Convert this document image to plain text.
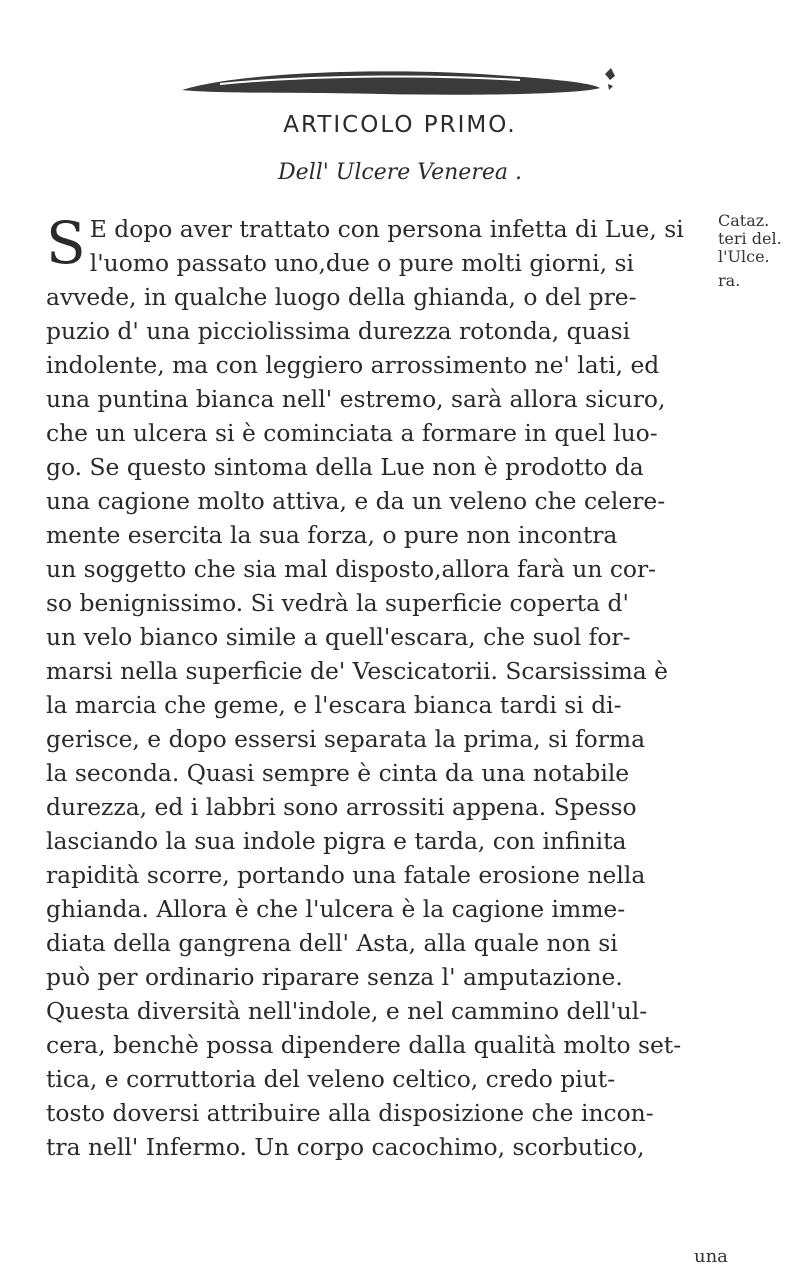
ARTICOLO PRIMO.
Dell' Ulcere Venerea .
Cataz.
teri del.
l'Ulce.
ra.
S E dopo aver trattato con persona infetta di Lue, si
l'uomo passato uno,due o pure molti giorni, si
avvede, in qualche luogo della ghianda, o del pre-
puzio d' una picciolissima durezza rotonda, quasi
indolente, ma con leggiero arrossimento ne' lati, ed
una puntina bianca nell' estremo, sarà allora sicuro,
che un ulcera si è cominciata a formare in quel luo-
go. Se questo sintoma della Lue non è prodotto da
una cagione molto attiva, e da un veleno che celere-
mente esercita la sua forza, o pure non incontra
un soggetto che sia mal disposto,allora farà un cor-
so benignissimo. Si vedrà la superficie coperta d'
un velo bianco simile a quell'escara, che suol for-
marsi nella superficie de' Vescicatorii. Scarsissima è
la marcia che geme, e l'escara bianca tardi si di-
gerisce, e dopo essersi separata la prima, si forma
la seconda. Quasi sempre è cinta da una notabile
durezza, ed i labbri sono arrossiti appena. Spesso
lasciando la sua indole pigra e tarda, con infinita
rapidità scorre, portando una fatale erosione nella
ghianda. Allora è che l'ulcera è la cagione imme-
diata della gangrena dell' Asta, alla quale non si
può per ordinario riparare senza l' amputazione.
Questa diversità nell'indole, e nel cammino dell'ul-
cera, benchè possa dipendere dalla qualità molto set-
tica, e corruttoria del veleno celtico, credo piut-
tosto doversi attribuire alla disposizione che incon-
tra nell' Infermo. Un corpo cacochimo, scorbutico,
una
